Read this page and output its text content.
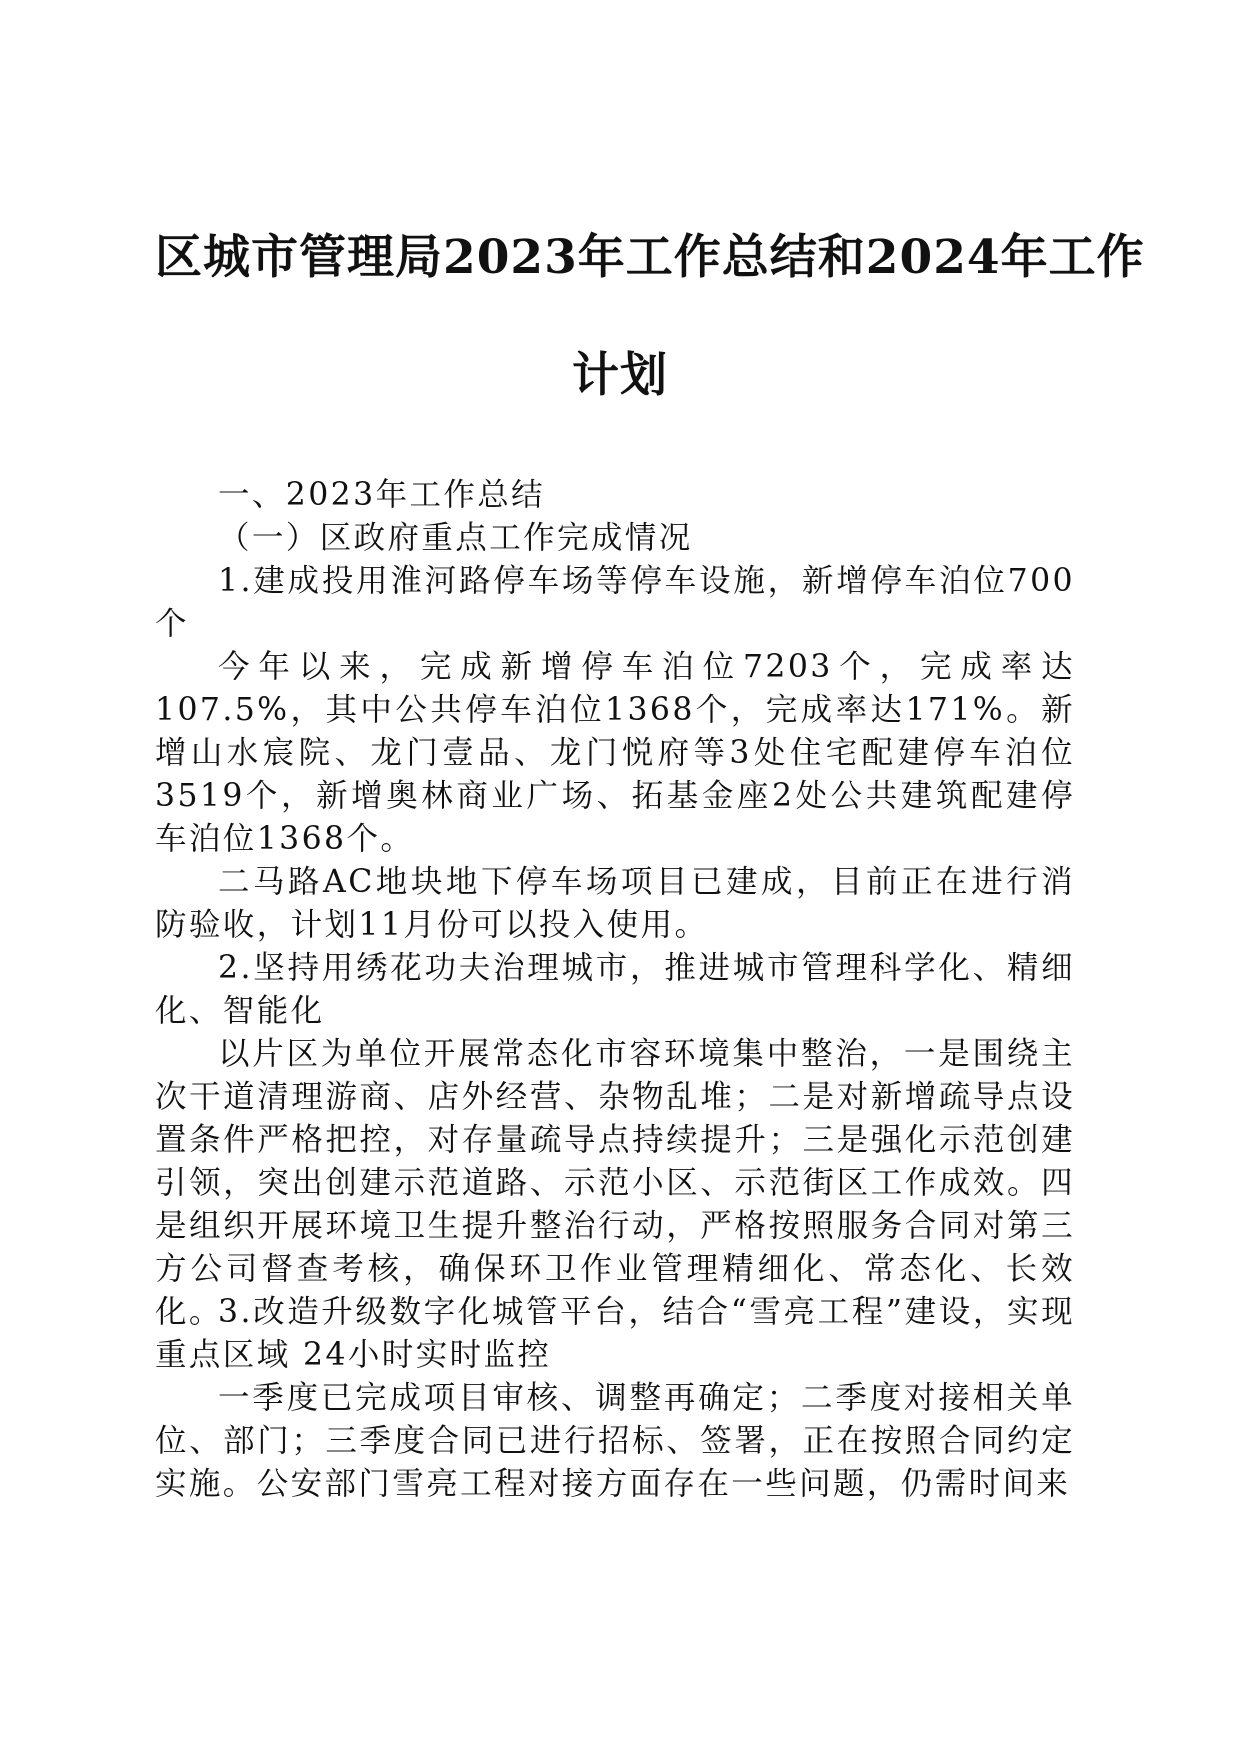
区城市管理局2023年工作总结和2024年工作
计划

一、2023年工作总结

（一）区政府重点工作完成情况

1.建成投用淮河路停车场等停车设施，新增停车泊位700个

今年以来，完成新增停车泊位7203个，完成率达107.5%，其中公共停车泊位1368个，完成率达171%。新增山水宸院、龙门壹品、龙门悦府等3处住宅配建停车泊位3519个，新增奥林商业广场、拓基金座2处公共建筑配建停车泊位1368个。

二马路AC地块地下停车场项目已建成，目前正在进行消防验收，计划11月份可以投入使用。

2.坚持用绣花功夫治理城市，推进城市管理科学化、精细化、智能化

以片区为单位开展常态化市容环境集中整治，一是围绕主次干道清理游商、店外经营、杂物乱堆；二是对新增疏导点设置条件严格把控，对存量疏导点持续提升；三是强化示范创建引领，突出创建示范道路、示范小区、示范街区工作成效。四是组织开展环境卫生提升整治行动，严格按照服务合同对第三方公司督查考核，确保环卫作业管理精细化、常态化、长效化。

3.改造升级数字化城管平台，结合“雪亮工程”建设，实现重点区域 24小时实时监控

一季度已完成项目审核、调整再确定；二季度对接相关单位、部门；三季度合同已进行招标、签署，正在按照合同约定实施。公安部门雪亮工程对接方面存在一些问题，仍需时间来
